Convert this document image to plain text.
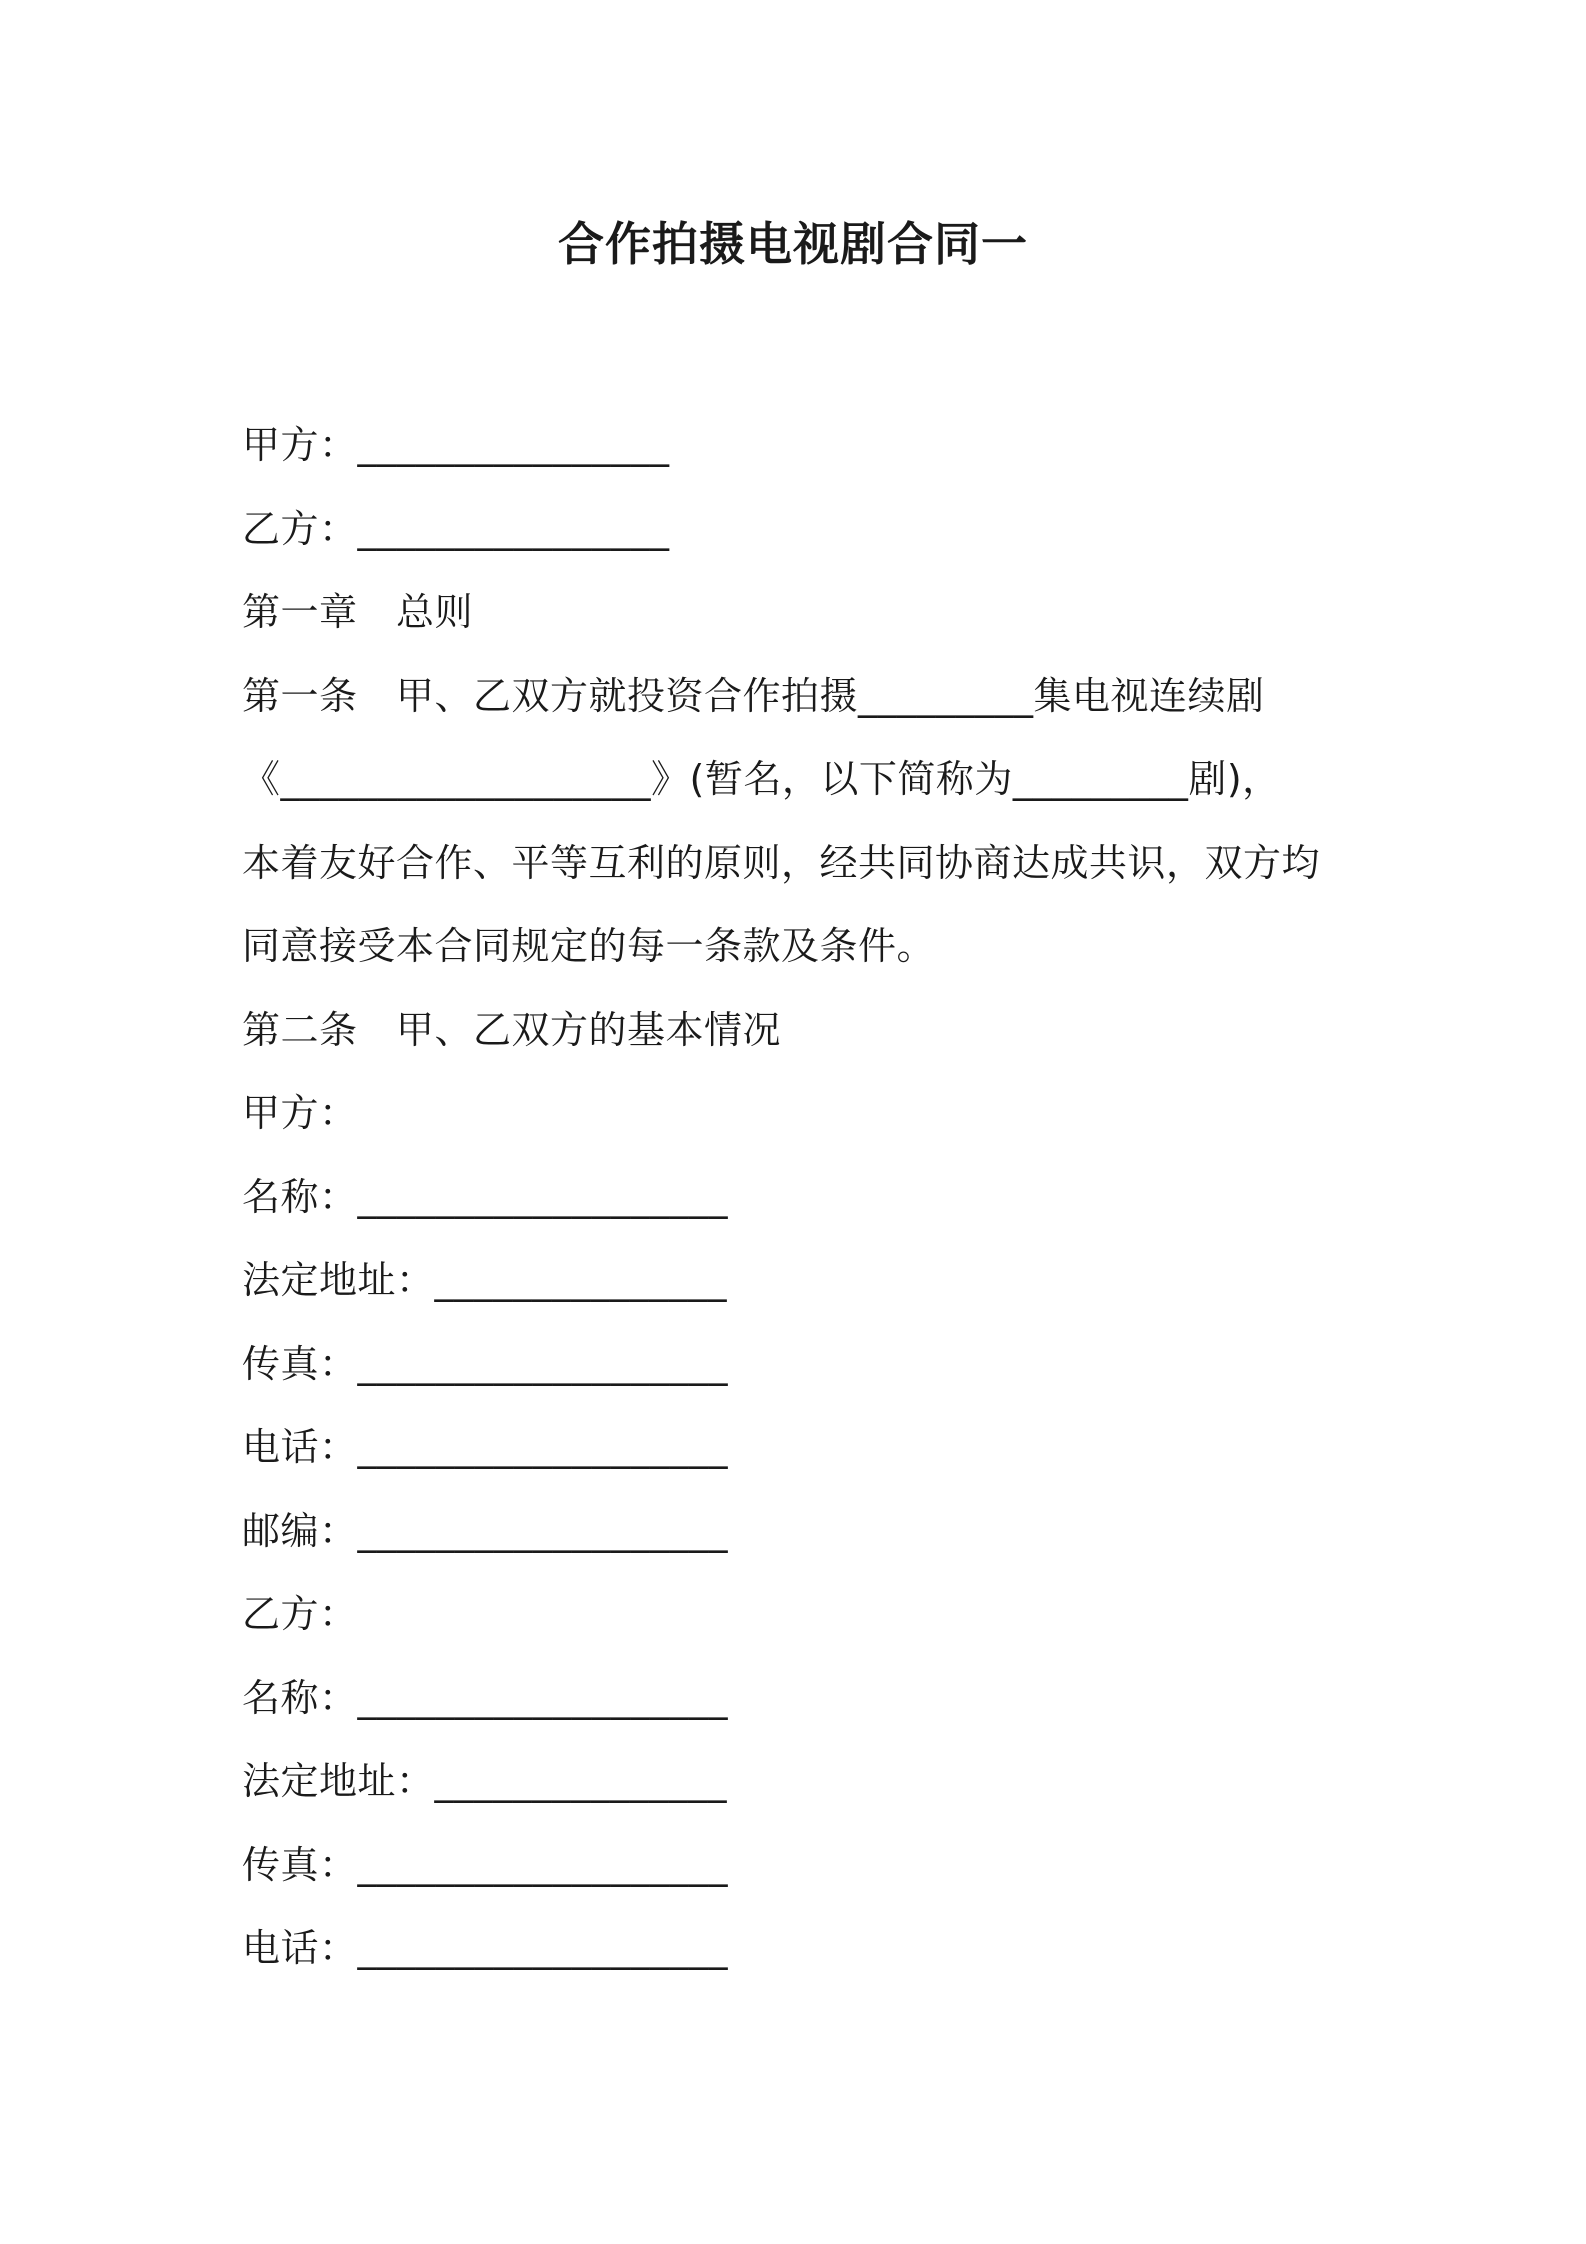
合作拍摄电视剧合同一
甲方：________________
乙方：________________
第一章　总则
第一条　甲、乙双方就投资合作拍摄_________集电视连续剧
《___________________》(暂名，以下简称为_________剧)，
本着友好合作、平等互利的原则，经共同协商达成共识，双方均
同意接受本合同规定的每一条款及条件。
第二条　甲、乙双方的基本情况
甲方：
名称：___________________
法定地址：_______________
传真：___________________
电话：___________________
邮编：___________________
乙方：
名称：___________________
法定地址：_______________
传真：___________________
电话：___________________
